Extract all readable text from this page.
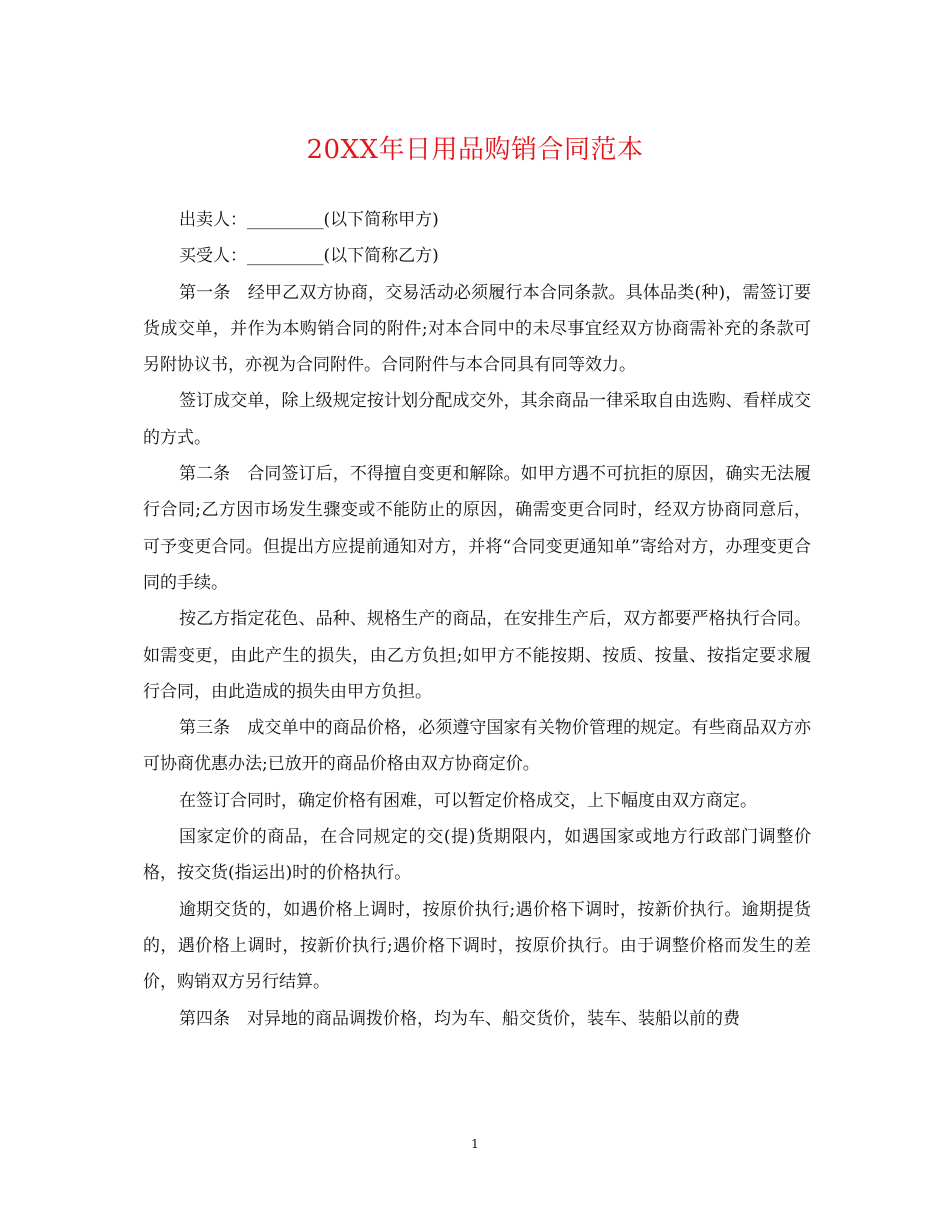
20XX年日用品购销合同范本

出卖人：_________(以下简称甲方)

买受人：_________(以下简称乙方)

第一条　经甲乙双方协商，交易活动必须履行本合同条款。具体品类(种)，需签订要货成交单，并作为本购销合同的附件;对本合同中的未尽事宜经双方协商需补充的条款可另附协议书，亦视为合同附件。合同附件与本合同具有同等效力。

签订成交单，除上级规定按计划分配成交外，其余商品一律采取自由选购、看样成交的方式。

第二条　合同签订后，不得擅自变更和解除。如甲方遇不可抗拒的原因，确实无法履行合同;乙方因市场发生骤变或不能防止的原因，确需变更合同时，经双方协商同意后，可予变更合同。但提出方应提前通知对方，并将“合同变更通知单”寄给对方，办理变更合同的手续。

按乙方指定花色、品种、规格生产的商品，在安排生产后，双方都要严格执行合同。如需变更，由此产生的损失，由乙方负担;如甲方不能按期、按质、按量、按指定要求履行合同，由此造成的损失由甲方负担。

第三条　成交单中的商品价格，必须遵守国家有关物价管理的规定。有些商品双方亦可协商优惠办法;已放开的商品价格由双方协商定价。

在签订合同时，确定价格有困难，可以暂定价格成交，上下幅度由双方商定。

国家定价的商品，在合同规定的交(提)货期限内，如遇国家或地方行政部门调整价格，按交货(指运出)时的价格执行。

逾期交货的，如遇价格上调时，按原价执行;遇价格下调时，按新价执行。逾期提货的，遇价格上调时，按新价执行;遇价格下调时，按原价执行。由于调整价格而发生的差价，购销双方另行结算。

第四条　对异地的商品调拨价格，均为车、船交货价，装车、装船以前的费

1
